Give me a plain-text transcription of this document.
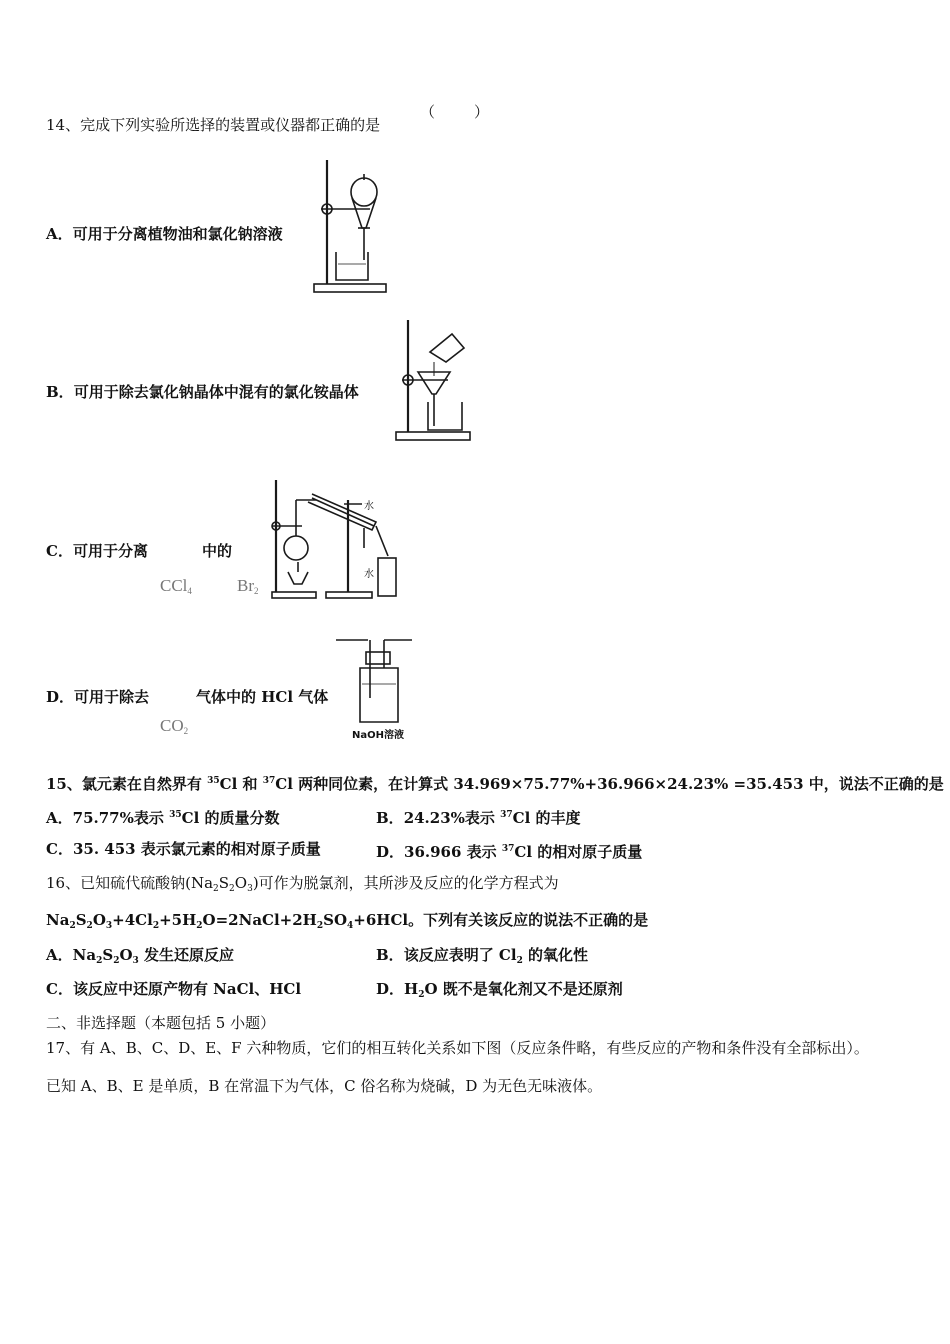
14、完成下列实验所选择的装置或仪器都正确的是
（	）
A．可用于分离植物油和氯化钠溶液
B．可用于除去氯化钠晶体中混有的氯化铵晶体
C．可用于分离	中的
CCl$_4$	$Br_2$
水
水
D．可用于除去	气体中的 HCl 气体
$CO_2$	NaOH溶液
15、氯元素在自然界有 $^{35}$Cl 和 $^{37}$Cl 两种同位素，在计算式 34.969×75.77%+36.966×24.23% =35.453 中，说法不正确的是
A．75.77%表示 $^{35}$Cl 的质量分数	B．24.23%表示 $^{37}$Cl 的丰度
C．35. 453 表示氯元素的相对原子质量	D．36.966 表示 $^{37}$Cl 的相对原子质量
16、已知硫代硫酸钠$(Na_2S_2O_3)$可作为脱氯剂，其所涉及反应的化学方程式为
$Na_2S_2O_3+4Cl_2+5H_2O=2NaCl+2H_2SO_4+6HCl$。下列有关该反应的说法不正确的是
A．$Na_2S_2O_3$ 发生还原反应	B．该反应表明了 $Cl_2$ 的氧化性
C．该反应中还原产物有 NaCl、HCl	D．$H_2O$ 既不是氧化剂又不是还原剂
二、非选择题（本题包括 5 小题）
17、有 A、B、C、D、E、F 六种物质，它们的相互转化关系如下图（反应条件略，有些反应的产物和条件没有全部标出）。
已知 A、B、E 是单质，B 在常温下为气体，C 俗名称为烧碱，D 为无色无味液体。
